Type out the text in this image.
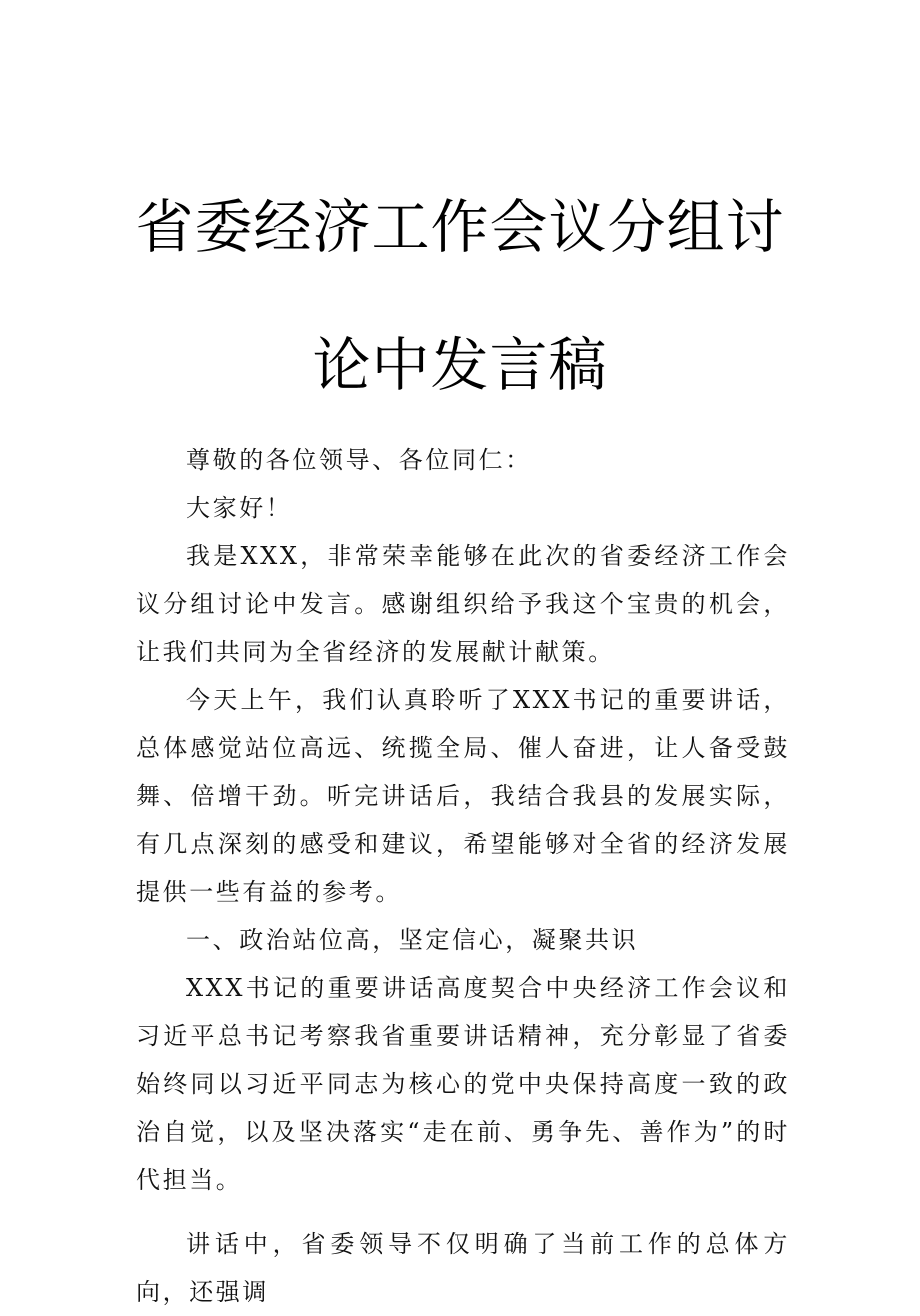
省委经济工作会议分组讨
论中发言稿

尊敬的各位领导、各位同仁：

大家好！

我是XXX，非常荣幸能够在此次的省委经济工作会议分组讨论中发言。感谢组织给予我这个宝贵的机会，让我们共同为全省经济的发展献计献策。

今天上午，我们认真聆听了XXX书记的重要讲话，总体感觉站位高远、统揽全局、催人奋进，让人备受鼓舞、倍增干劲。听完讲话后，我结合我县的发展实际，有几点深刻的感受和建议，希望能够对全省的经济发展提供一些有益的参考。

一、政治站位高，坚定信心，凝聚共识

XXX书记的重要讲话高度契合中央经济工作会议和习近平总书记考察我省重要讲话精神，充分彰显了省委始终同以习近平同志为核心的党中央保持高度一致的政治自觉，以及坚决落实“走在前、勇争先、善作为”的时代担当。

讲话中，省委领导不仅明确了当前工作的总体方向，还强调
